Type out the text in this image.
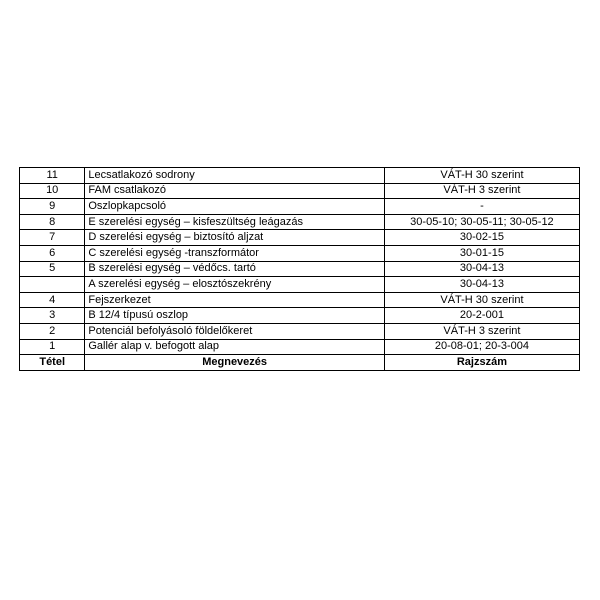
11	Lecsatlakozó sodrony	VÁT-H 30 szerint
10	FAM csatlakozó	VÁT-H 3 szerint
9	Oszlopkapcsoló	-
8	E szerelési egység – kisfeszültség leágazás	30-05-10; 30-05-11; 30-05-12
7	D szerelési egység – biztosító aljzat	30-02-15
6	C szerelési egység -transzformátor	30-01-15
5	B szerelési egység – védőcs. tartó	30-04-13
	A szerelési egység – elosztószekrény	30-04-13
4	Fejszerkezet	VÁT-H 30 szerint
3	B 12/4 típusú oszlop	20-2-001
2	Potenciál befolyásoló földelőkeret	VÁT-H 3 szerint
1	Gallér alap v. befogott alap	20-08-01; 20-3-004
Tétel	Megnevezés	Rajzszám
